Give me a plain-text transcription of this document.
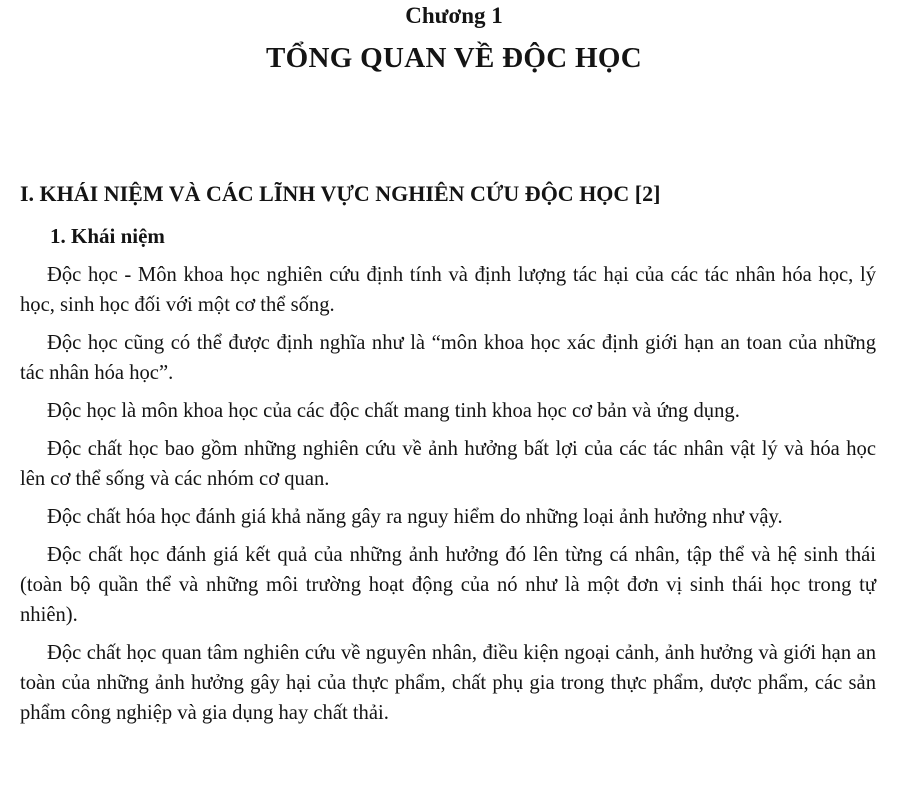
Chương 1
TỔNG QUAN VỀ ĐỘC HỌC
I. KHÁI NIỆM VÀ CÁC LĨNH VỰC NGHIÊN CỨU ĐỘC HỌC [2]
1. Khái niệm

Độc học - Môn khoa học nghiên cứu định tính và định lượng tác hại của các tác nhân hóa học, lý học, sinh học đối với một cơ thể sống.

Độc học cũng có thể được định nghĩa như là “môn khoa học xác định giới hạn an toan của những tác nhân hóa học”.

Độc học là môn khoa học của các độc chất mang tinh khoa học cơ bản và ứng dụng.

Độc chất học bao gồm những nghiên cứu về ảnh hưởng bất lợi của các tác nhân vật lý và hóa học lên cơ thể sống và các nhóm cơ quan.

Độc chất hóa học đánh giá khả năng gây ra nguy hiểm do những loại ảnh hưởng như vậy.

Độc chất học đánh giá kết quả của những ảnh hưởng đó lên từng cá nhân, tập thể và hệ sinh thái (toàn bộ quần thể và những môi trường hoạt động của nó như là một đơn vị sinh thái học trong tự nhiên).

Độc chất học quan tâm nghiên cứu về nguyên nhân, điều kiện ngoại cảnh, ảnh hưởng và giới hạn an toàn của những ảnh hưởng gây hại của thực phẩm, chất phụ gia trong thực phẩm, dược phẩm, các sản phẩm công nghiệp và gia dụng hay chất thải.
